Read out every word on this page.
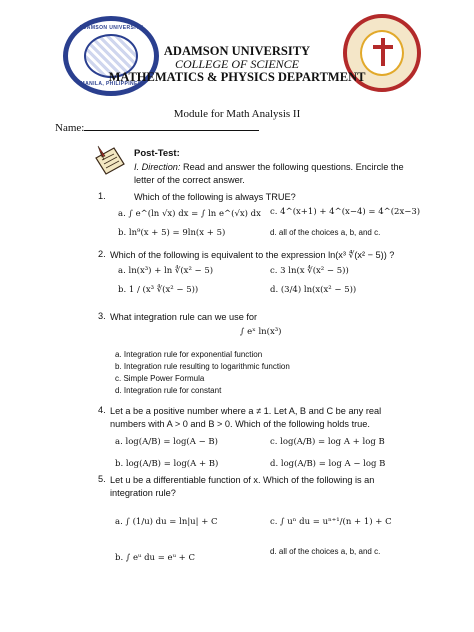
ADAMSON UNIVERSITY
MANILA, PHILIPPINES
ADAMSON UNIVERSITY
COLLEGE OF SCIENCE
MATHEMATICS & PHYSICS DEPARTMENT
Module for Math Analysis II
Name:
Post-Test:
I. Direction: Read and answer the following questions. Encircle the letter of the correct answer.
1.	Which of the following is always TRUE?
a. ∫ e^(ln √x) dx = ∫ ln e^(√x) dx c. 4^(x+1) + 4^(x−4) = 4^(2x−3)
b. ln⁹(x + 5) = 9ln(x + 5)	d. all of the choices a, b, and c.
2. Which of the following is equivalent to the expression ln(x³ ∜(x² − 5)) ?
a. ln(x³) + ln ∜(x² − 5)	c. 3 ln(x ∜(x² − 5))
b. 1 / (x³ ∜(x² − 5))	d. (3/4) ln(x(x² − 5))
3. What integration rule can we use for
∫ eˣ ln(x³)
a. Integration rule for exponential function
b. Integration rule resulting to logarithmic function
c. Simple Power Formula
d. Integration rule for constant
4. Let a be a positive number where a ≠ 1. Let A, B and C be any real
numbers with A > 0 and B > 0. Which of the following holds true.
a. log(A/B) = log(A − B)	c. log(A/B) = log A + log B
b. log(A/B) = log(A + B)	d. log(A/B) = log A − log B
5. Let u be a differentiable function of x. Which of the following is an
integration rule?
a. ∫ (1/u) du = ln|u| + C	c. ∫ uⁿ du = uⁿ⁺¹/(n + 1) + C
b. ∫ eᵘ du = eᵘ + C
d. all of the choices a, b, and c.
